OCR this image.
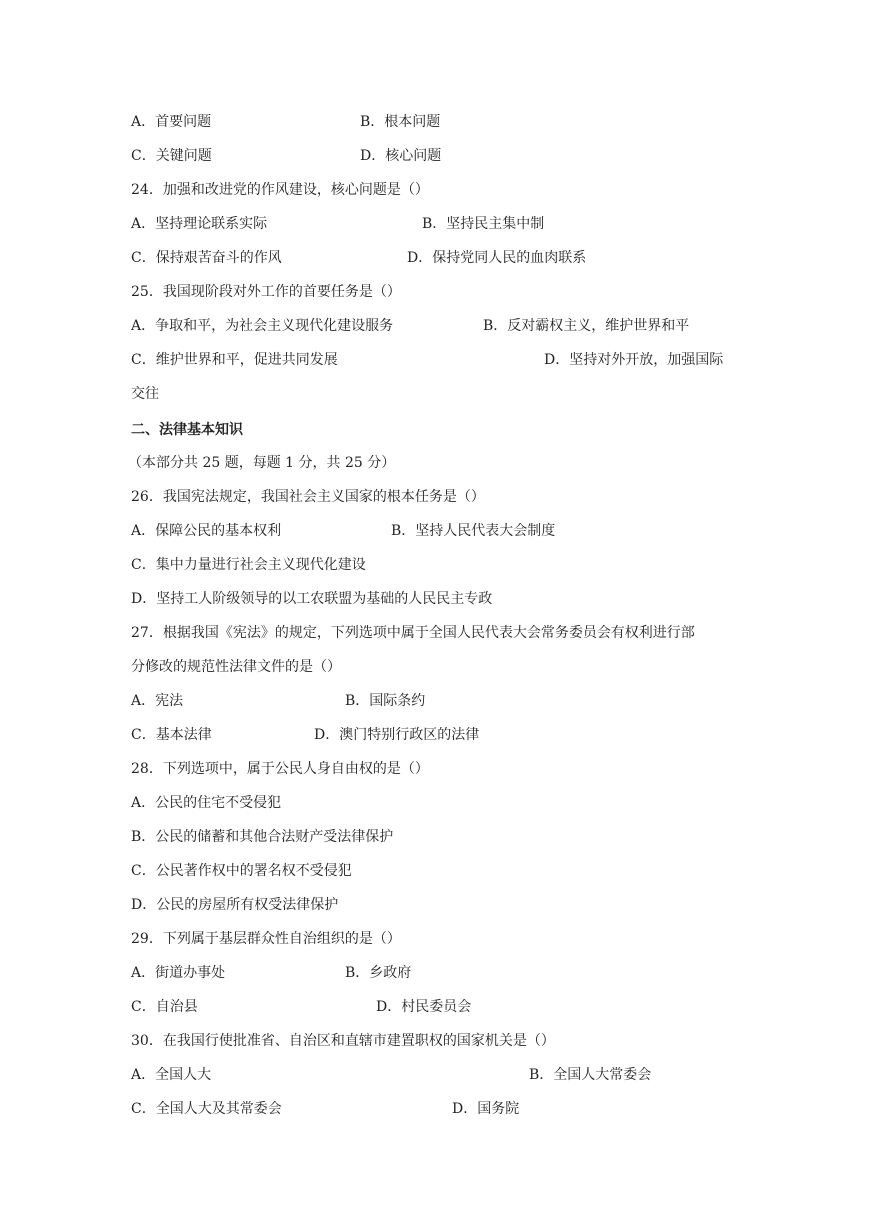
A．首要问题	B．根本问题
C．关键问题	D．核心问题
24．加强和改进党的作风建设，核心问题是（）
A．坚持理论联系实际	B．坚持民主集中制
C．保持艰苦奋斗的作风	D．保持党同人民的血肉联系
25．我国现阶段对外工作的首要任务是（）
A．争取和平，为社会主义现代化建设服务	B．反对霸权主义，维护世界和平
C．维护世界和平，促进共同发展	D．坚持对外开放，加强国际
交往
二、法律基本知识
（本部分共 25 题，每题 1 分，共 25 分）
26．我国宪法规定，我国社会主义国家的根本任务是（）
A．保障公民的基本权利	B．坚持人民代表大会制度
C．集中力量进行社会主义现代化建设
D．坚持工人阶级领导的以工农联盟为基础的人民民主专政
27．根据我国《宪法》的规定，下列选项中属于全国人民代表大会常务委员会有权利进行部
分修改的规范性法律文件的是（）
A．宪法	B．国际条约
C．基本法律	D．澳门特别行政区的法律
28．下列选项中，属于公民人身自由权的是（）
A．公民的住宅不受侵犯
B．公民的储蓄和其他合法财产受法律保护
C．公民著作权中的署名权不受侵犯
D．公民的房屋所有权受法律保护
29．下列属于基层群众性自治组织的是（）
A．街道办事处	B．乡政府
C．自治县	D．村民委员会
30．在我国行使批准省、自治区和直辖市建置职权的国家机关是（）
A．全国人大	B．全国人大常委会
C．全国人大及其常委会	D．国务院
